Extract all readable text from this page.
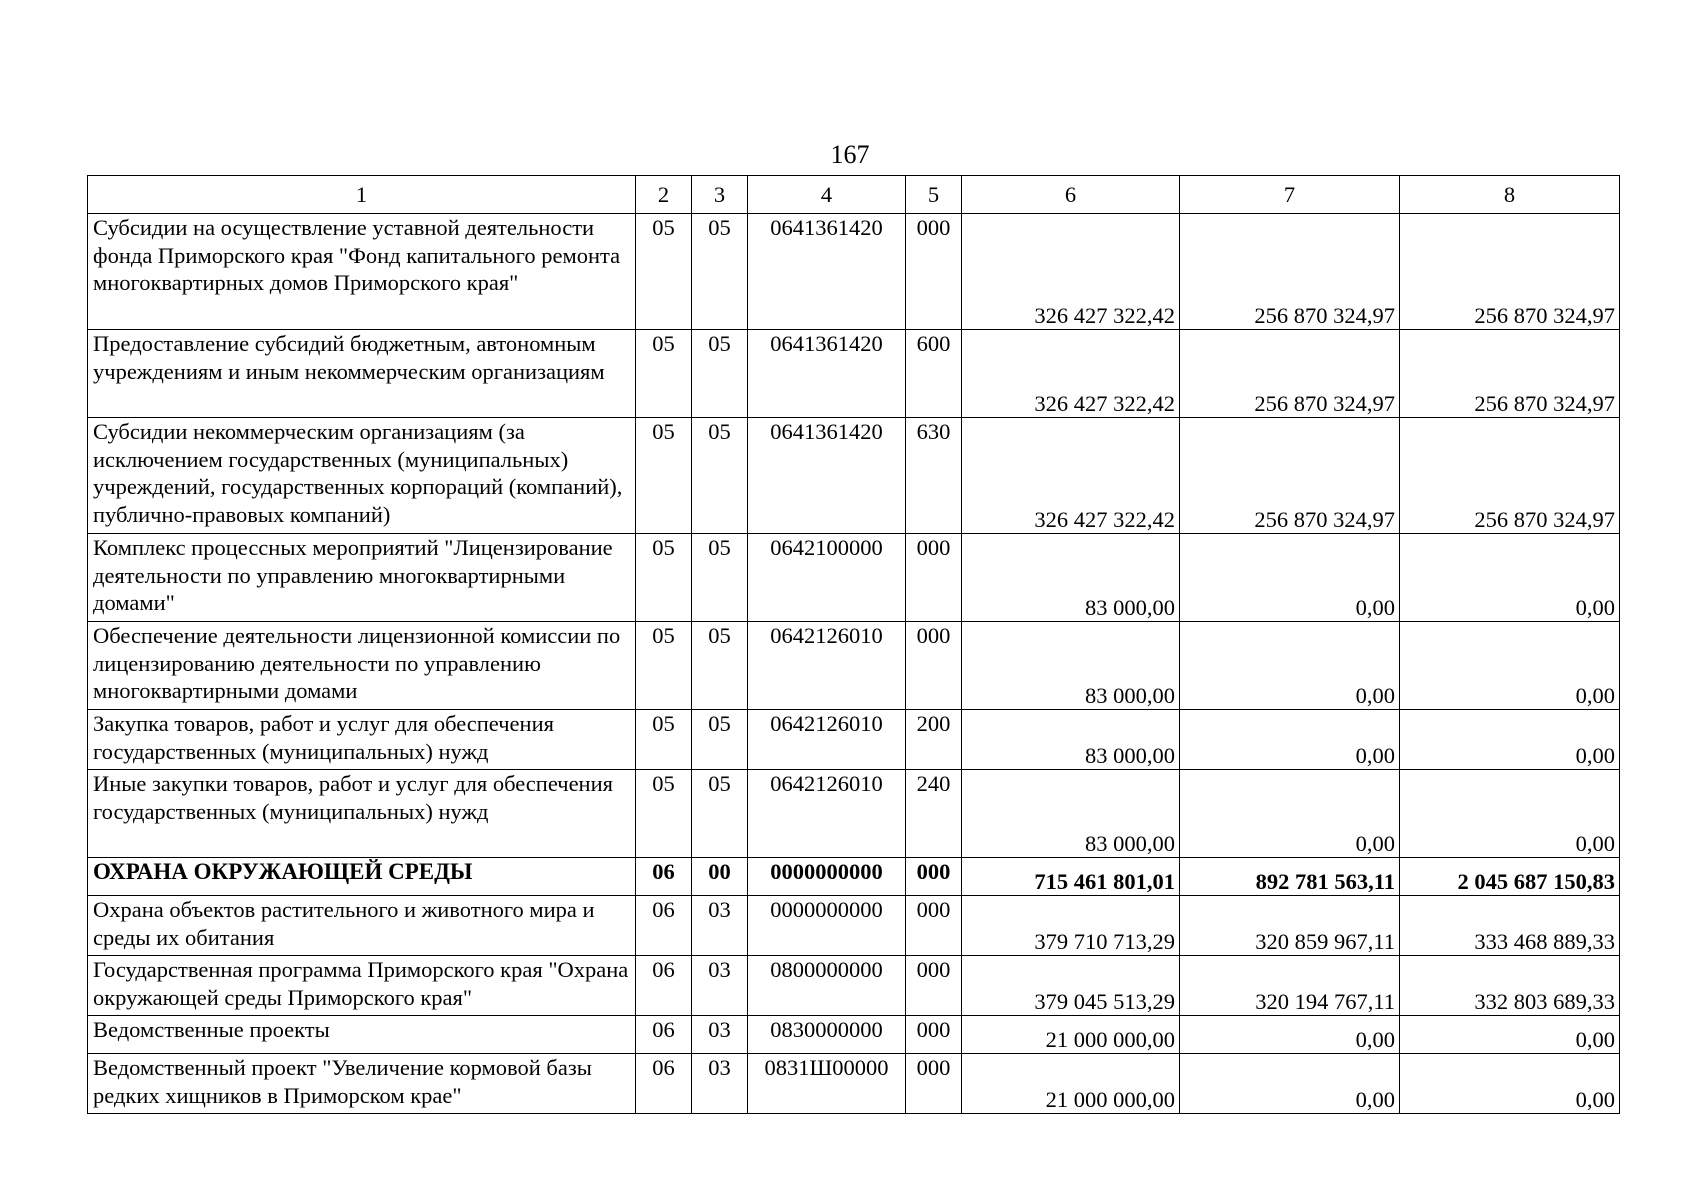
167
1	2	3	4	5	6	7	8
Субсидии на осуществление уставной деятельности фонда Приморского края "Фонд капитального ремонта многоквартирных домов Приморского края"	05	05	0641361420	000	326 427 322,42	256 870 324,97	256 870 324,97
Предоставление субсидий бюджетным, автономным учреждениям и иным некоммерческим организациям	05	05	0641361420	600	326 427 322,42	256 870 324,97	256 870 324,97
Субсидии некоммерческим организациям (за исключением государственных (муниципальных) учреждений, государственных корпораций (компаний), публично-правовых компаний)	05	05	0641361420	630	326 427 322,42	256 870 324,97	256 870 324,97
Комплекс процессных мероприятий "Лицензирование деятельности по управлению многоквартирными домами"	05	05	0642100000	000	83 000,00	0,00	0,00
Обеспечение деятельности лицензионной комиссии по лицензированию деятельности по управлению многоквартирными домами	05	05	0642126010	000	83 000,00	0,00	0,00
Закупка товаров, работ и услуг для обеспечения государственных (муниципальных) нужд	05	05	0642126010	200	83 000,00	0,00	0,00
Иные закупки товаров, работ и услуг для обеспечения государственных (муниципальных) нужд	05	05	0642126010	240	83 000,00	0,00	0,00
ОХРАНА ОКРУЖАЮЩЕЙ СРЕДЫ	06	00	0000000000	000	715 461 801,01	892 781 563,11	2 045 687 150,83
Охрана объектов растительного и животного мира и среды их обитания	06	03	0000000000	000	379 710 713,29	320 859 967,11	333 468 889,33
Государственная программа Приморского края "Охрана окружающей среды Приморского края"	06	03	0800000000	000	379 045 513,29	320 194 767,11	332 803 689,33
Ведомственные проекты	06	03	0830000000	000	21 000 000,00	0,00	0,00
Ведомственный проект "Увеличение кормовой базы редких хищников в Приморском крае"	06	03	0831Ш00000	000	21 000 000,00	0,00	0,00
